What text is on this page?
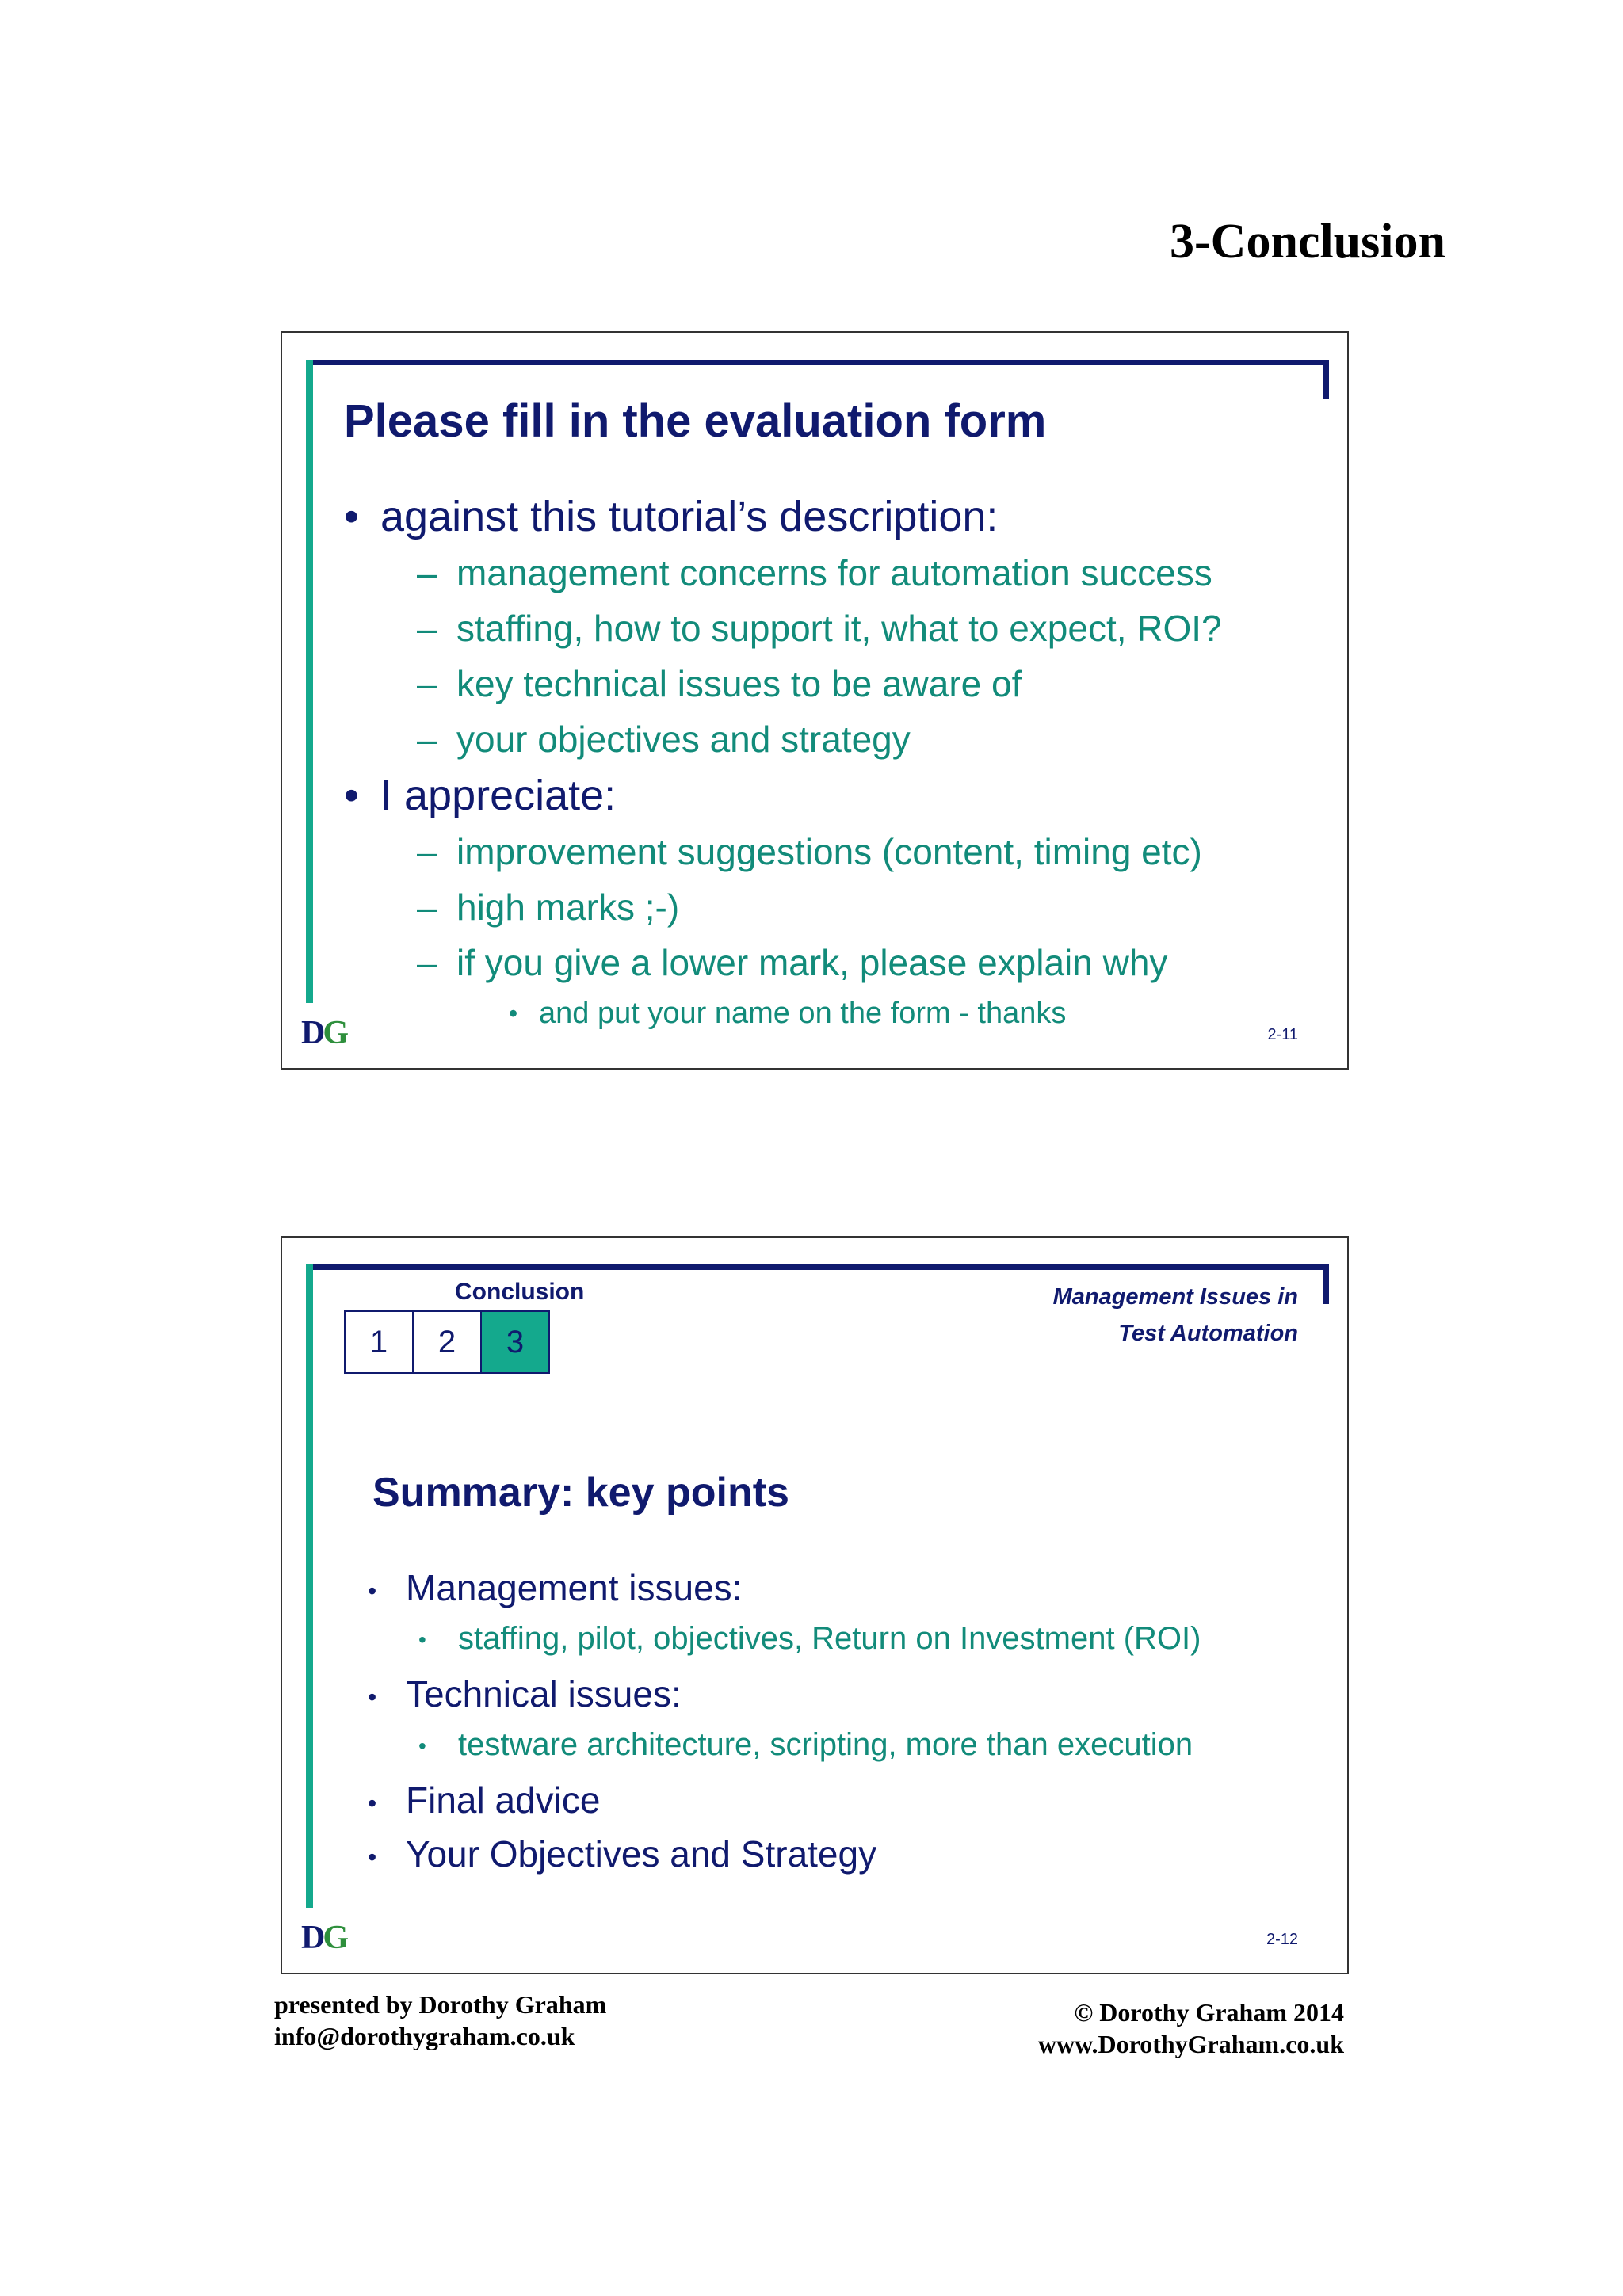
3-Conclusion
Please fill in the evaluation form
• against this tutorial’s description:
– management concerns for automation success
– staffing, how to support it, what to expect, ROI?
– key technical issues to be aware of
– your objectives and strategy
• I appreciate:
– improvement suggestions (content, timing etc)
– high marks ;-)
– if you give a lower mark, please explain why
• and put your name on the form - thanks
DG	2-11
Conclusion
1	2	3
Management Issues in
Test Automation
Summary: key points
• Management issues:
• staffing, pilot, objectives, Return on Investment (ROI)
• Technical issues:
• testware architecture, scripting, more than execution
• Final advice
• Your Objectives and Strategy
DG	2-12
presented by Dorothy Graham
info@dorothygraham.co.uk
© Dorothy Graham 2014
www.DorothyGraham.co.uk
